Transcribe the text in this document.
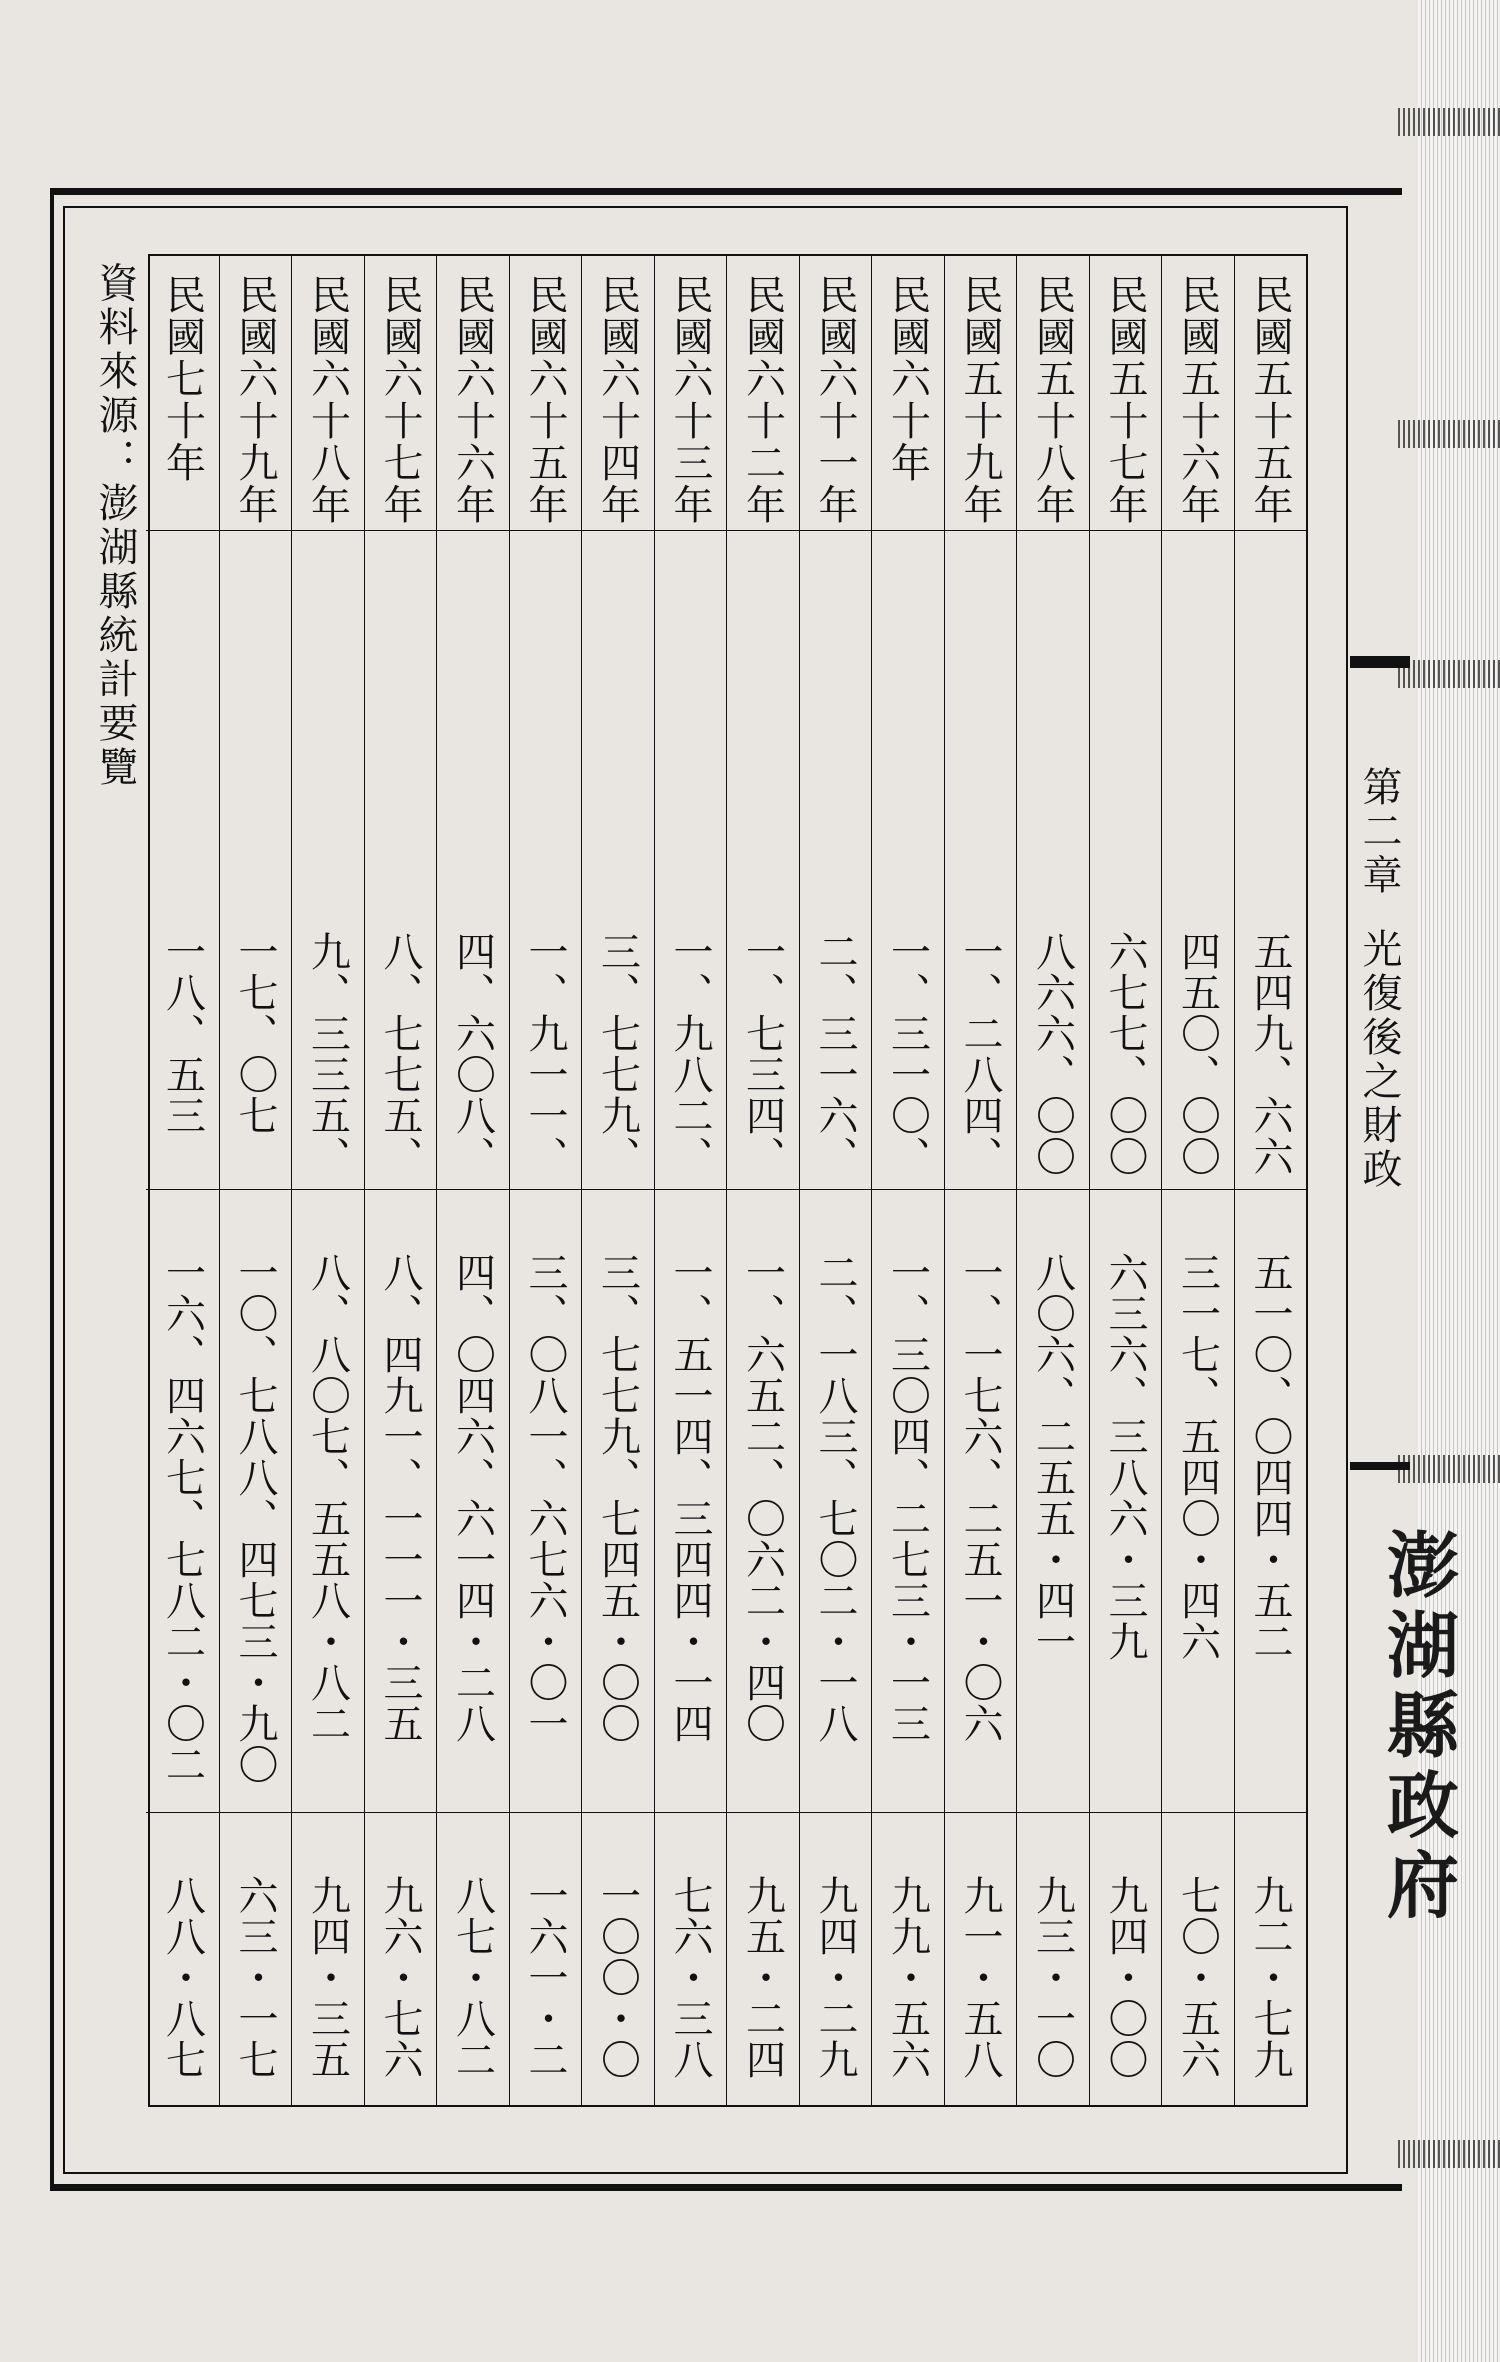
澎
湖
縣
政
府
第二章光復後之財政
民國五十五年
五四九、六六
五一〇、〇四四・五二
九二・七九
民國五十六年
四五〇、〇〇
三一七、五四〇・四六
七〇・五六
民國五十七年
六七七、〇〇
六三六、三八六・三九
九四・〇〇
民國五十八年
八六六、〇〇
八〇六、二五五・四一
九三・一〇
民國五十九年
一、二八四、
一、一七六、二五一・〇六
九一・五八
民國六十年
一、三一〇、
一、三〇四、二七三・一三
九九・五六
民國六十一年
二、三一六、
二、一八三、七〇二・一八
九四・二九
民國六十二年
一、七三四、
一、六五二、〇六二・四〇
九五・二四
民國六十三年
一、九八二、
一、五一四、三四四・一四
七六・三八
民國六十四年
三、七七九、
三、七七九、七四五・〇〇
一〇〇・〇
民國六十五年
一、九一一、
三、〇八一、六七六・〇一
一六一・二
民國六十六年
四、六〇八、
四、〇四六、六一四・二八
八七・八二
民國六十七年
八、七七五、
八、四九一、一一一・三五
九六・七六
民國六十八年
九、三三五、
八、八〇七、五五八・八二
九四・三五
民國六十九年
一七、〇七
一〇、七八八、四七三・九〇
六三・一七
民國七十年
一八、五三
一六、四六七、七八二・〇二
八八・八七
資料來源：澎湖縣統計要覽
